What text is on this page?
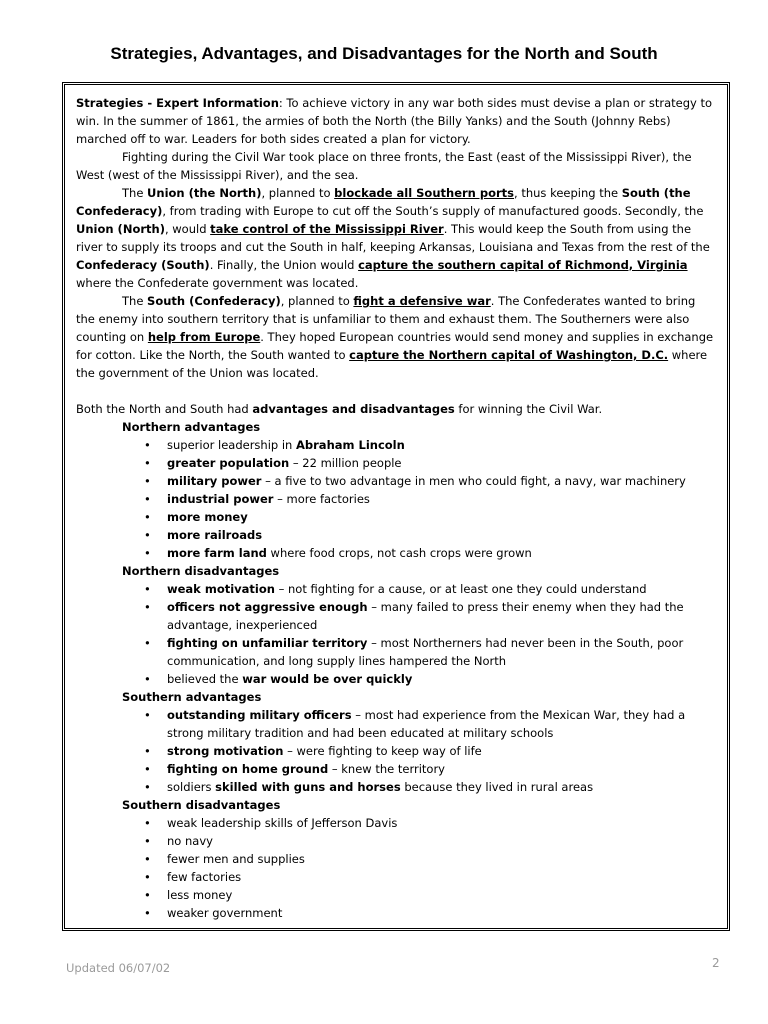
Strategies, Advantages, and Disadvantages for the North and South

Strategies - Expert Information: To achieve victory in any war both sides must devise a plan or strategy to win. In the summer of 1861, the armies of both the North (the Billy Yanks) and the South (Johnny Rebs) marched off to war. Leaders for both sides created a plan for victory.

Fighting during the Civil War took place on three fronts, the East (east of the Mississippi River), the West (west of the Mississippi River), and the sea.

The Union (the North), planned to blockade all Southern ports, thus keeping the South (the Confederacy), from trading with Europe to cut off the South’s supply of manufactured goods. Secondly, the Union (North), would take control of the Mississippi River. This would keep the South from using the river to supply its troops and cut the South in half, keeping Arkansas, Louisiana and Texas from the rest of the Confederacy (South). Finally, the Union would capture the southern capital of Richmond, Virginia where the Confederate government was located.

The South (Confederacy), planned to fight a defensive war. The Confederates wanted to bring the enemy into southern territory that is unfamiliar to them and exhaust them. The Southerners were also counting on help from Europe. They hoped European countries would send money and supplies in exchange for cotton. Like the North, the South wanted to capture the Northern capital of Washington, D.C. where the government of the Union was located.

Both the North and South had advantages and disadvantages for winning the Civil War.

Northern advantages
• superior leadership in Abraham Lincoln
• greater population – 22 million people
• military power – a five to two advantage in men who could fight, a navy, war machinery
• industrial power – more factories
• more money
• more railroads
• more farm land where food crops, not cash crops were grown
Northern disadvantages
• weak motivation – not fighting for a cause, or at least one they could understand
• officers not aggressive enough – many failed to press their enemy when they had the advantage, inexperienced
• fighting on unfamiliar territory – most Northerners had never been in the South, poor communication, and long supply lines hampered the North
• believed the war would be over quickly
Southern advantages
• outstanding military officers – most had experience from the Mexican War, they had a strong military tradition and had been educated at military schools
• strong motivation – were fighting to keep way of life
• fighting on home ground – knew the territory
• soldiers skilled with guns and horses because they lived in rural areas
Southern disadvantages
• weak leadership skills of Jefferson Davis
• no navy
• fewer men and supplies
• few factories
• less money
• weaker government
Updated 06/07/02	2
